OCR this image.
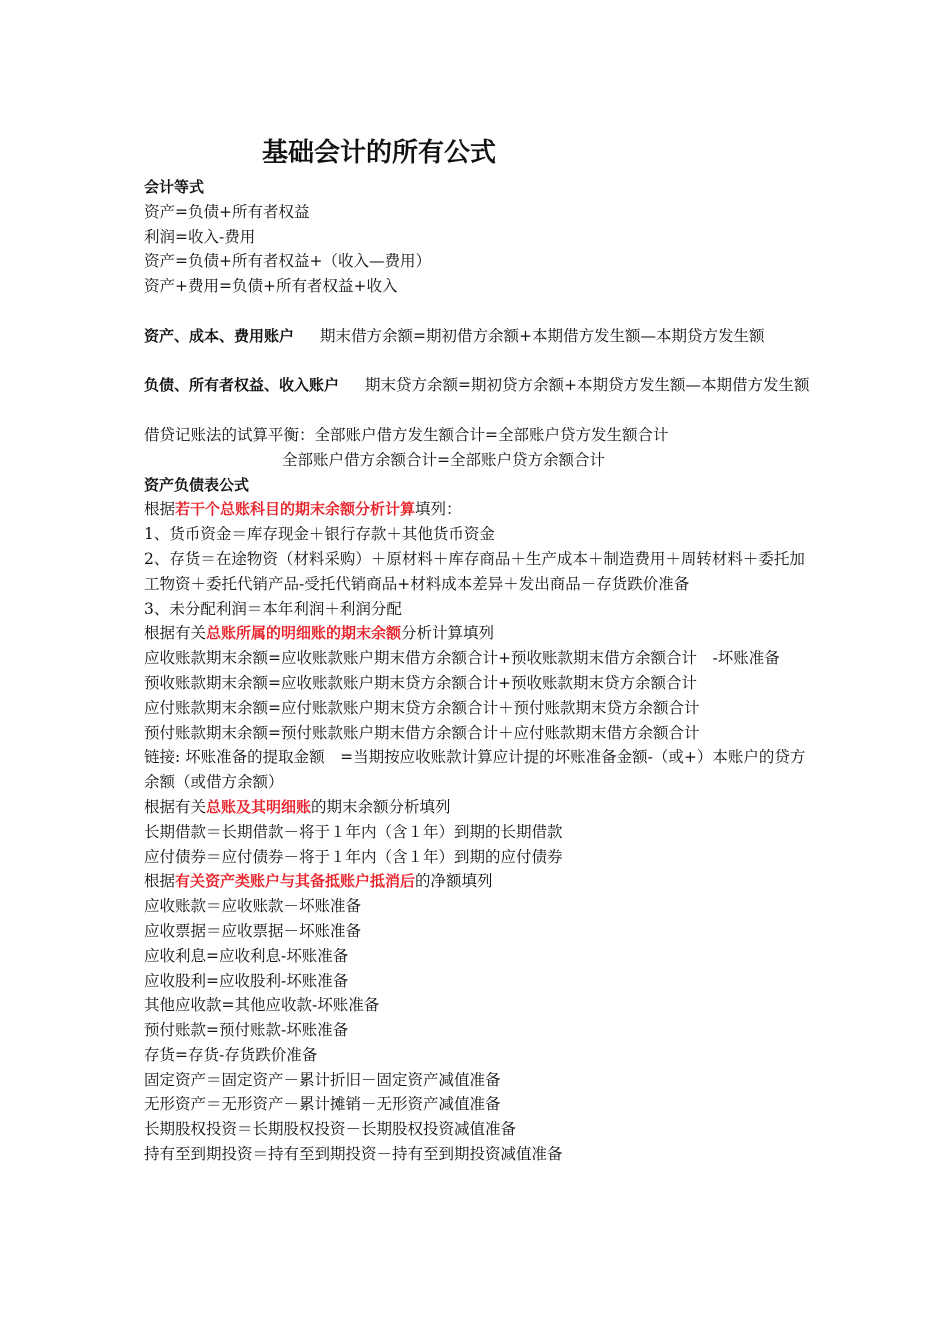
基础会计的所有公式

会计等式

资产=负债+所有者权益

利润=收入-费用

资产=负债+所有者权益+（收入—费用）

资产+费用=负债+所有者权益+收入

资产、成本、费用账户 期末借方余额=期初借方余额+本期借方发生额—本期贷方发生额

负债、所有者权益、收入账户 期末贷方余额=期初贷方余额+本期贷方发生额—本期借方发生额

借贷记账法的试算平衡：全部账户借方发生额合计=全部账户贷方发生额合计

全部账户借方余额合计=全部账户贷方余额合计

资产负债表公式

根据若干个总账科目的期末余额分析计算填列：

1、货币资金＝库存现金＋银行存款＋其他货币资金

2、存货＝在途物资（材料采购）＋原材料＋库存商品＋生产成本＋制造费用＋周转材料＋委托加工物资＋委托代销产品-受托代销商品+材料成本差异＋发出商品－存货跌价准备

3、未分配利润＝本年利润＋利润分配

根据有关总账所属的明细账的期末余额分析计算填列

应收账款期末余额=应收账款账户期末借方余额合计+预收账款期末借方余额合计　-坏账准备

预收账款期末余额=应收账款账户期末贷方余额合计+预收账款期末贷方余额合计

应付账款期末余额=应付账款账户期末贷方余额合计＋预付账款期末贷方余额合计

预付账款期末余额=预付账款账户期末借方余额合计＋应付账款期末借方余额合计

链接: 坏账准备的提取金额　=当期按应收账款计算应计提的坏账准备金额-（或+）本账户的贷方余额（或借方余额）

根据有关总账及其明细账的期末余额分析填列

长期借款＝长期借款－将于１年内（含１年）到期的长期借款

应付债券＝应付债券－将于１年内（含１年）到期的应付债券

根据有关资产类账户与其备抵账户抵消后的净额填列

应收账款＝应收账款－坏账准备

应收票据＝应收票据－坏账准备

应收利息=应收利息-坏账准备

应收股利=应收股利-坏账准备

其他应收款=其他应收款-坏账准备

预付账款=预付账款-坏账准备

存货=存货-存货跌价准备

固定资产＝固定资产－累计折旧－固定资产减值准备

无形资产＝无形资产－累计摊销－无形资产减值准备

长期股权投资＝长期股权投资－长期股权投资减值准备

持有至到期投资＝持有至到期投资－持有至到期投资减值准备
